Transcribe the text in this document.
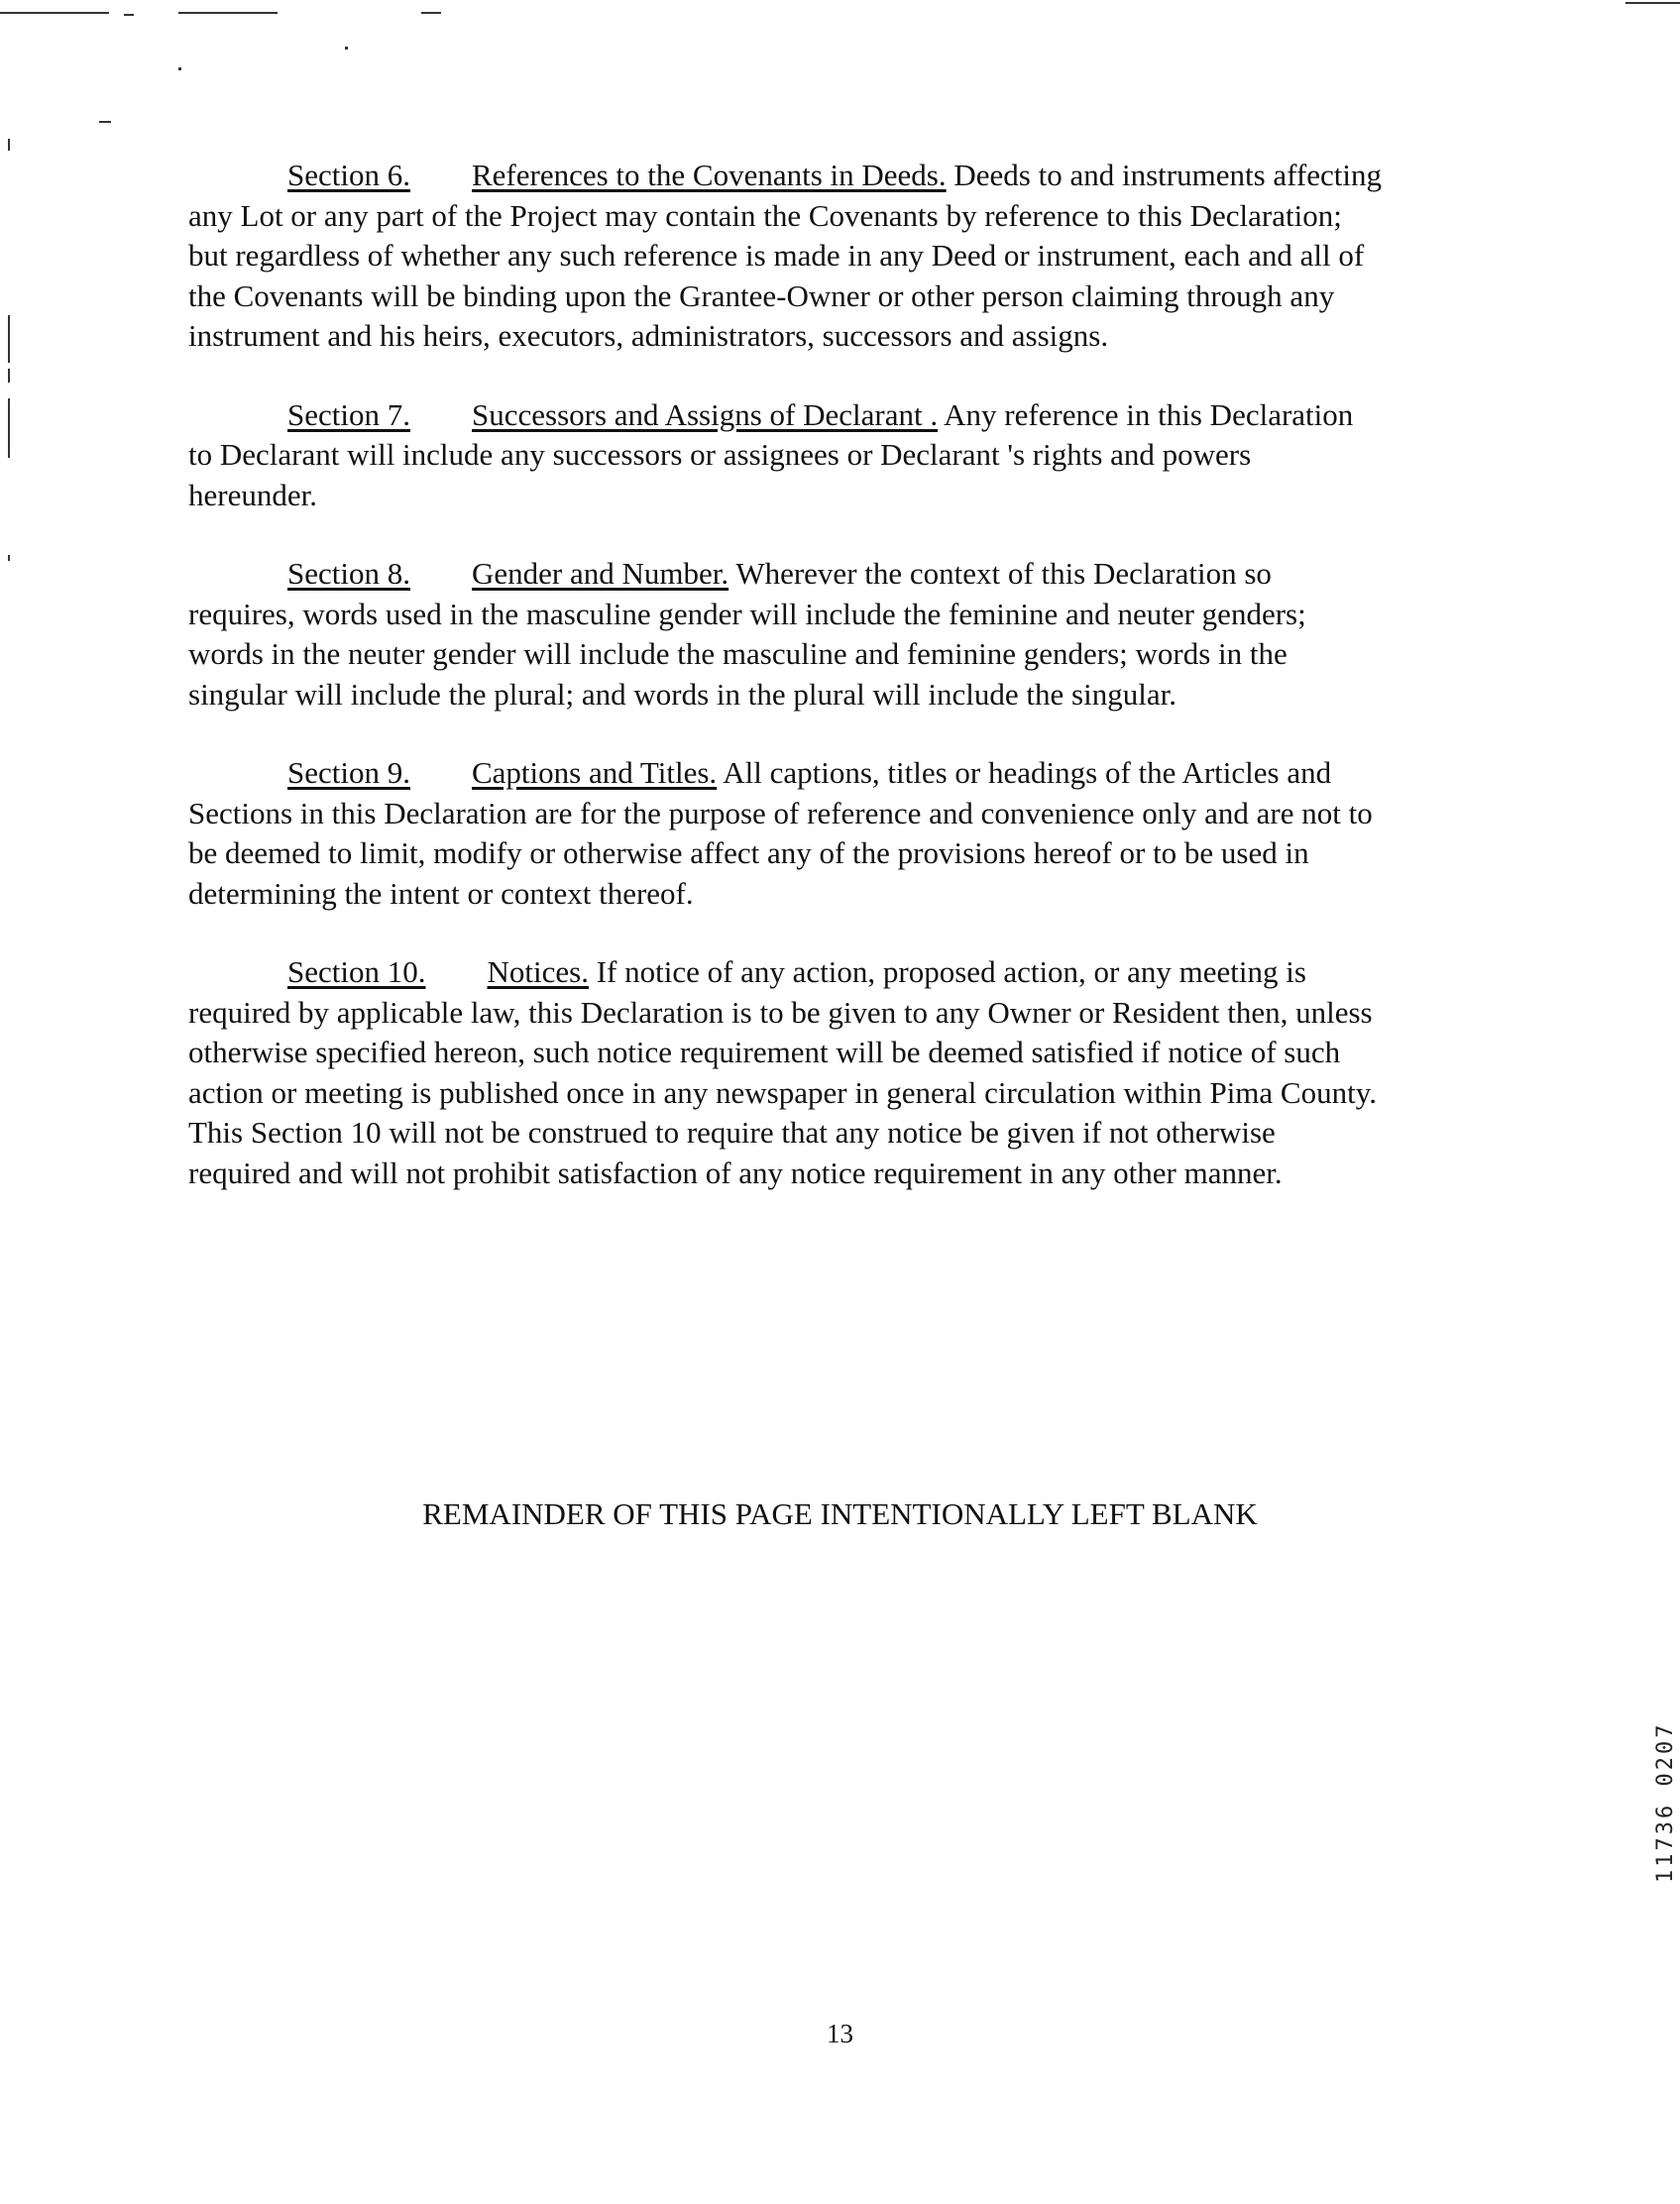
Section 6. References to the Covenants in Deeds. Deeds to and instruments affecting
any Lot or any part of the Project may contain the Covenants by reference to this Declaration;
but regardless of whether any such reference is made in any Deed or instrument, each and all of
the Covenants will be binding upon the Grantee-Owner or other person claiming through any
instrument and his heirs, executors, administrators, successors and assigns.

Section 7. Successors and Assigns of Declarant . Any reference in this Declaration
to Declarant will include any successors or assignees or Declarant 's rights and powers
hereunder.

Section 8. Gender and Number. Wherever the context of this Declaration so
requires, words used in the masculine gender will include the feminine and neuter genders;
words in the neuter gender will include the masculine and feminine genders; words in the
singular will include the plural; and words in the plural will include the singular.

Section 9. Captions and Titles. All captions, titles or headings of the Articles and
Sections in this Declaration are for the purpose of reference and convenience only and are not to
be deemed to limit, modify or otherwise affect any of the provisions hereof or to be used in
determining the intent or context thereof.

Section 10. Notices. If notice of any action, proposed action, or any meeting is
required by applicable law, this Declaration is to be given to any Owner or Resident then, unless
otherwise specified hereon, such notice requirement will be deemed satisfied if notice of such
action or meeting is published once in any newspaper in general circulation within Pima County.
This Section 10 will not be construed to require that any notice be given if not otherwise
required and will not prohibit satisfaction of any notice requirement in any other manner.

REMAINDER OF THIS PAGE INTENTIONALLY LEFT BLANK
11736 0207
13
